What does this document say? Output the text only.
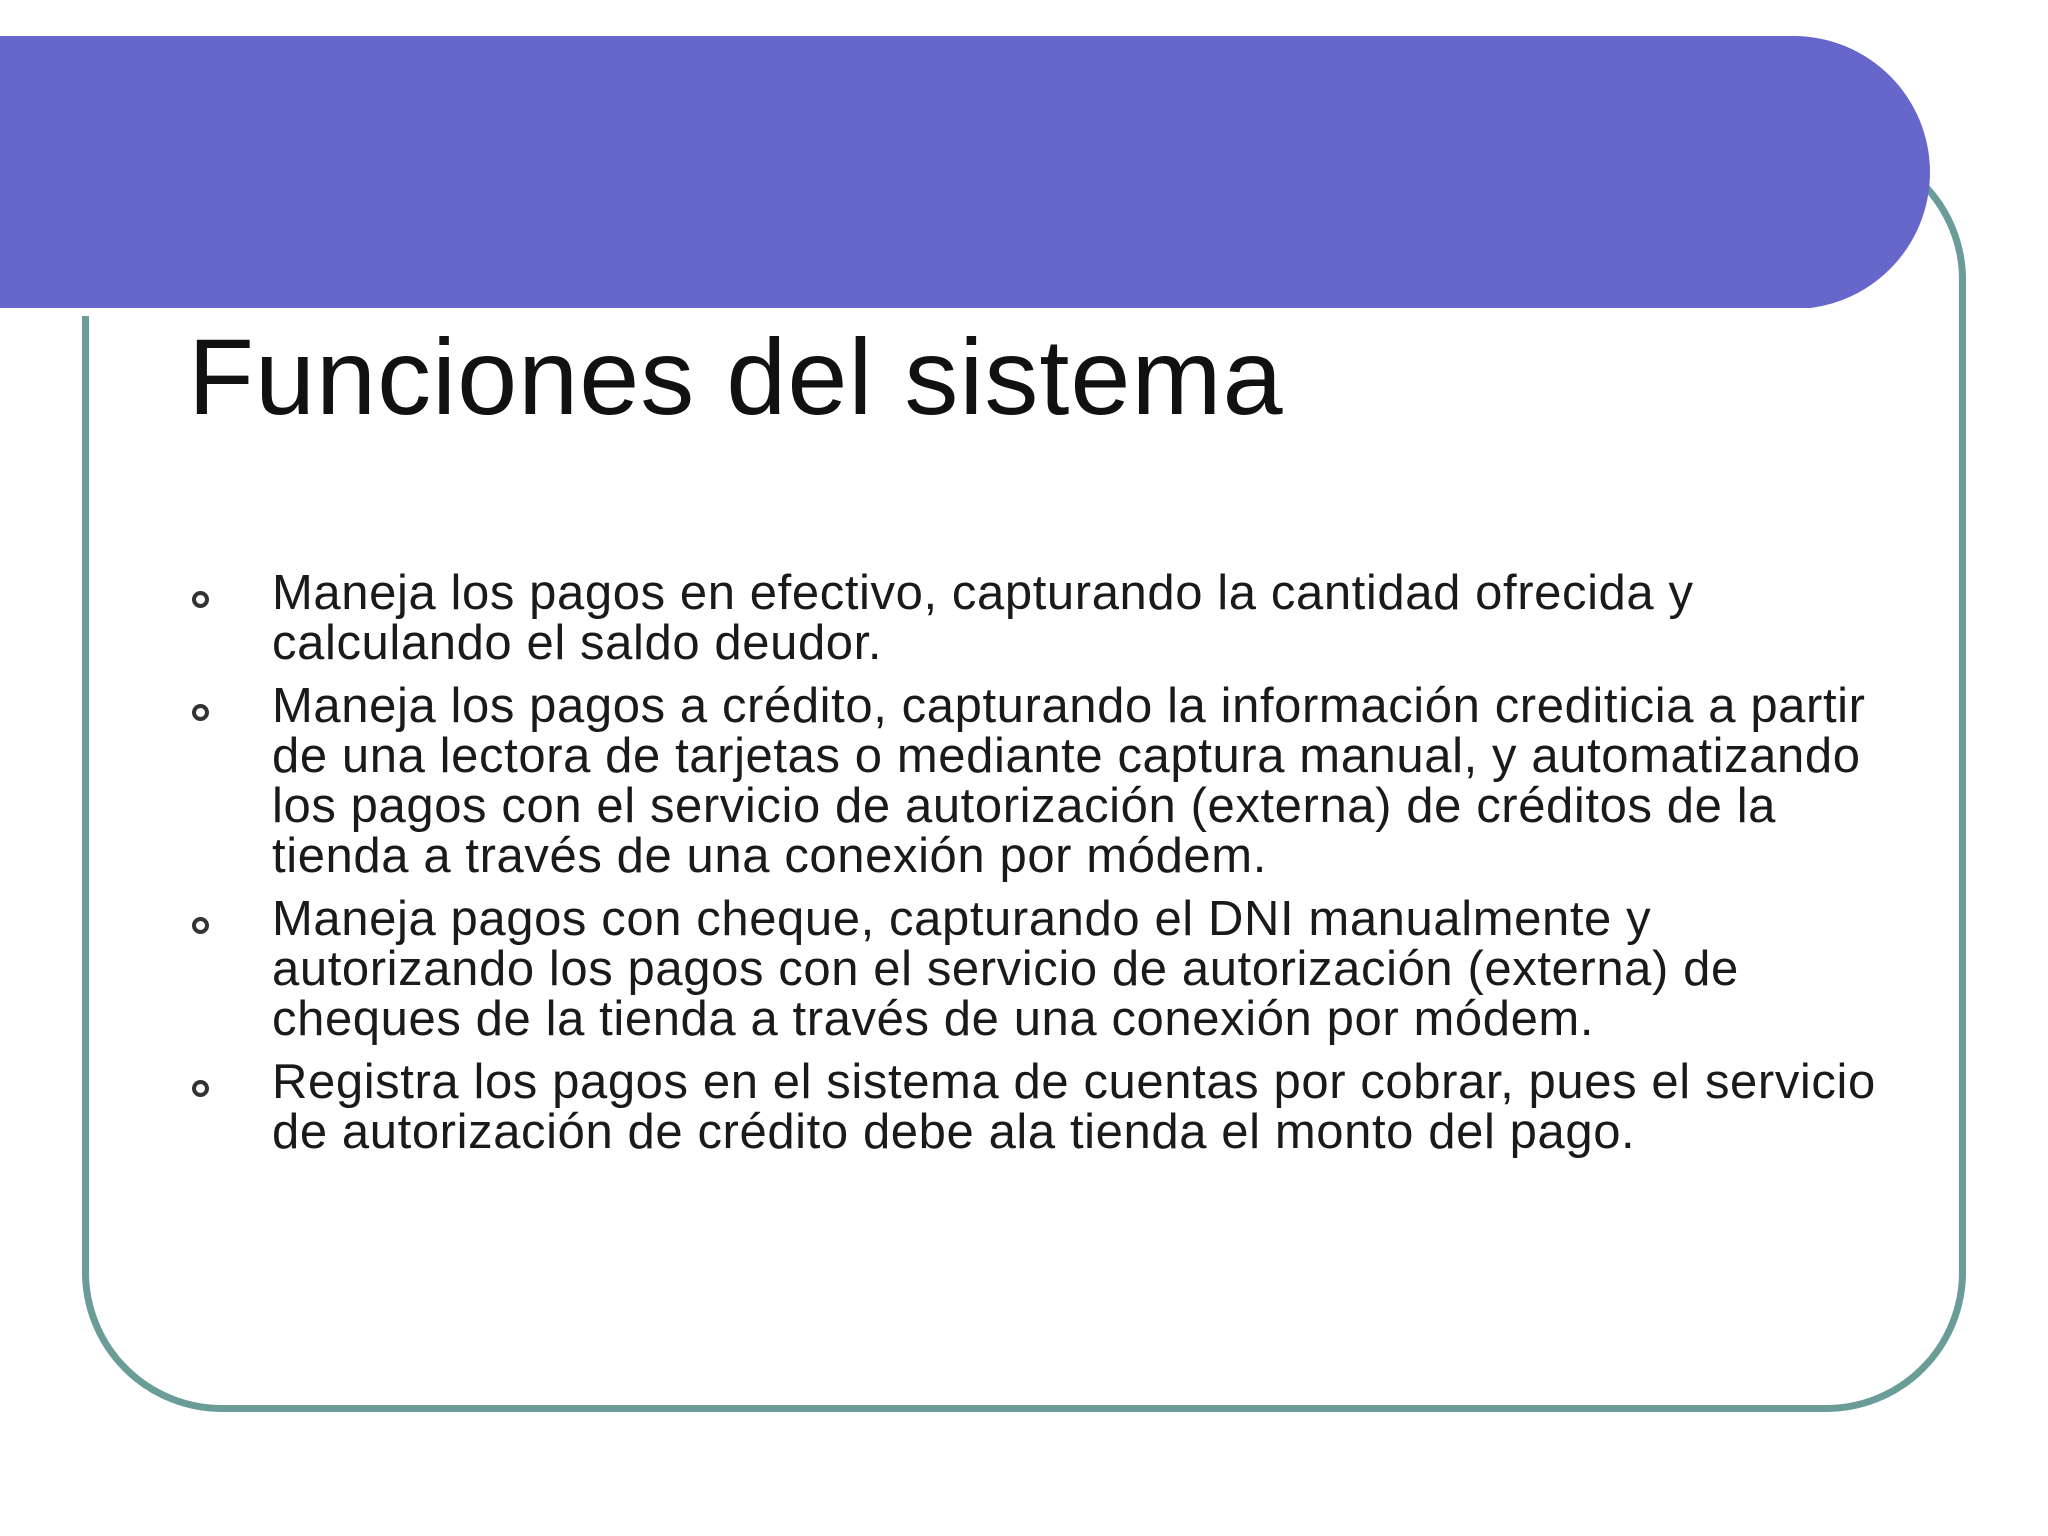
Funciones del sistema
Maneja los pagos en efectivo, capturando la cantidad ofrecida y calculando el saldo deudor.
Maneja los pagos a crédito, capturando la información crediticia a partir de una lectora de tarjetas o mediante captura manual, y automatizando los pagos con el servicio de autorización (externa) de créditos de la tienda a través de una conexión por módem.
Maneja pagos con cheque, capturando el DNI manualmente y autorizando los pagos con el servicio de autorización (externa) de cheques de la tienda a través de una conexión por módem.
Registra los pagos en el sistema de cuentas por cobrar, pues el servicio de autorización de crédito debe ala tienda el monto del pago.
